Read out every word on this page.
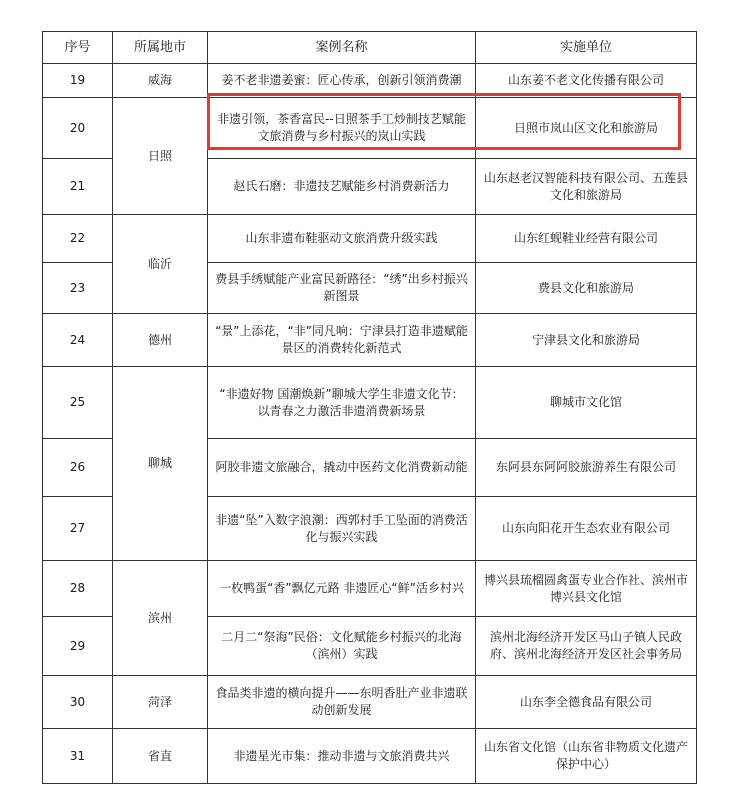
序号	所属地市	案例名称	实施单位
19	威海	姜不老非遗姜蜜：匠心传承，创新引领消费潮	山东姜不老文化传播有限公司
20	日照	非遗引领，茶香富民--日照茶手工炒制技艺赋能文旅消费与乡村振兴的岚山实践	日照市岚山区文化和旅游局
21		赵氏石磨：非遗技艺赋能乡村消费新活力	山东赵老汉智能科技有限公司、五莲县文化和旅游局
22	临沂	山东非遗布鞋驱动文旅消费升级实践	山东红蚬鞋业经营有限公司
23		费县手绣赋能产业富民新路径：“绣”出乡村振兴新图景	费县文化和旅游局
24	德州	“景”上添花，“非”同凡响：宁津县打造非遗赋能景区的消费转化新范式	宁津县文化和旅游局
25	聊城	“非遗好物 国潮焕新”聊城大学生非遗文化节：以青春之力激活非遗消费新场景	聊城市文化馆
26		阿胶非遗文旅融合，撬动中医药文化消费新动能	东阿县东阿阿胶旅游养生有限公司
27		非遗“坠”入数字浪潮：西郭村手工坠面的消费活化与振兴实践	山东向阳花开生态农业有限公司
28	滨州	一枚鸭蛋“香”飘亿元路 非遗匠心“鲜”活乡村兴	博兴县琉榴圆禽蛋专业合作社、滨州市博兴县文化馆
29		二月二“祭海”民俗：文化赋能乡村振兴的北海（滨州）实践	滨州北海经济开发区马山子镇人民政府、滨州北海经济开发区社会事务局
30	菏泽	食品类非遗的横向提升——东明香肚产业非遗联动创新发展	山东李全德食品有限公司
31	省直	非遗星光市集：推动非遗与文旅消费共兴	山东省文化馆（山东省非物质文化遗产保护中心）
